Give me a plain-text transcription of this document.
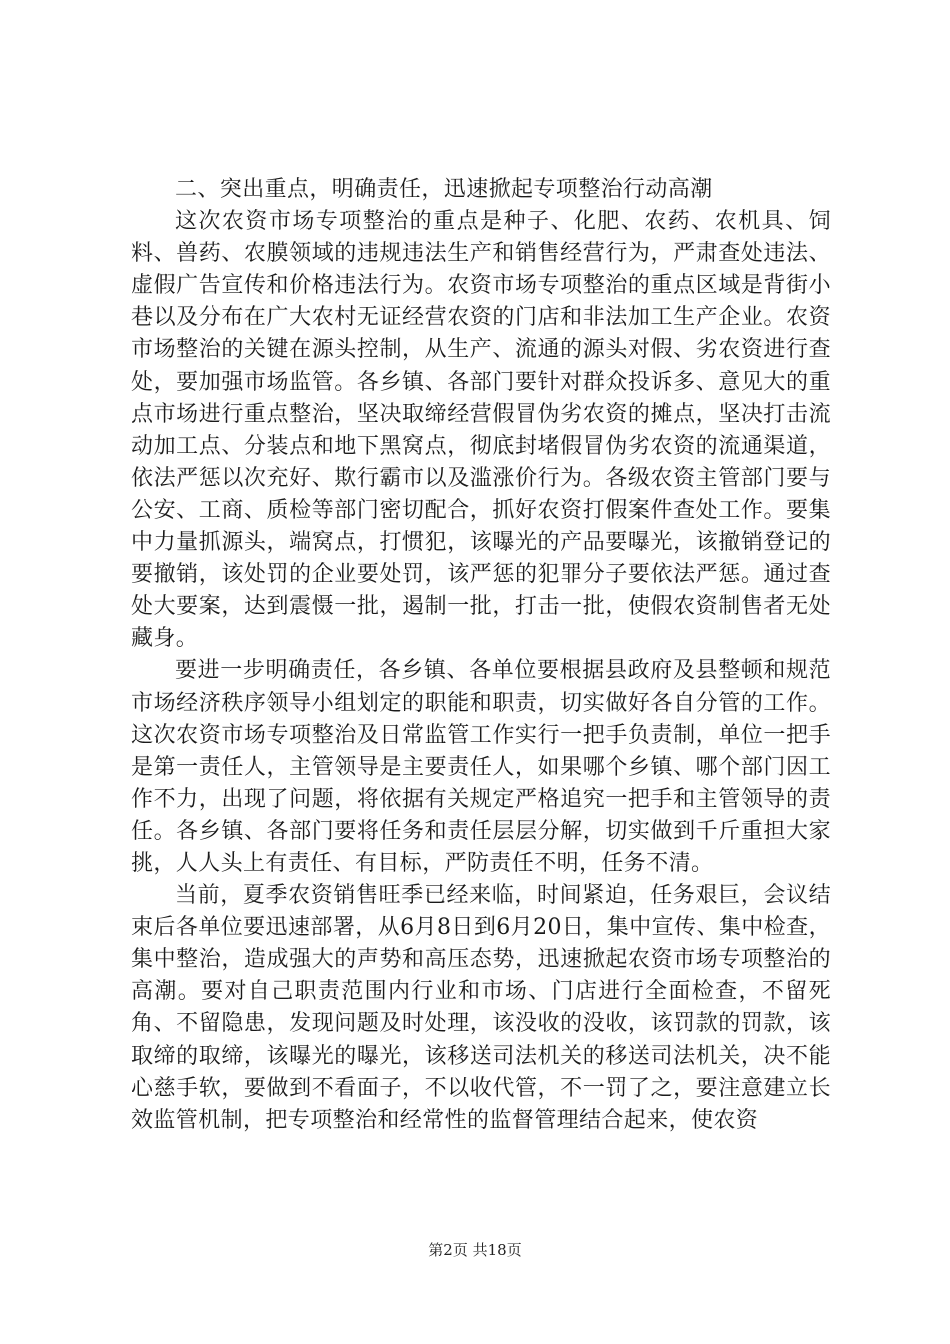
二、突出重点，明确责任，迅速掀起专项整治行动高潮

这次农资市场专项整治的重点是种子、化肥、农药、农机具、饲料、兽药、农膜领域的违规违法生产和销售经营行为，严肃查处违法、虚假广告宣传和价格违法行为。农资市场专项整治的重点区域是背街小巷以及分布在广大农村无证经营农资的门店和非法加工生产企业。农资市场整治的关键在源头控制，从生产、流通的源头对假、劣农资进行查处，要加强市场监管。各乡镇、各部门要针对群众投诉多、意见大的重点市场进行重点整治，坚决取缔经营假冒伪劣农资的摊点，坚决打击流动加工点、分装点和地下黑窝点，彻底封堵假冒伪劣农资的流通渠道，依法严惩以次充好、欺行霸市以及滥涨价行为。各级农资主管部门要与公安、工商、质检等部门密切配合，抓好农资打假案件查处工作。要集中力量抓源头，端窝点，打惯犯，该曝光的产品要曝光，该撤销登记的要撤销，该处罚的企业要处罚，该严惩的犯罪分子要依法严惩。通过查处大要案，达到震慑一批，遏制一批，打击一批，使假农资制售者无处藏身。

要进一步明确责任，各乡镇、各单位要根据县政府及县整顿和规范市场经济秩序领导小组划定的职能和职责，切实做好各自分管的工作。这次农资市场专项整治及日常监管工作实行一把手负责制，单位一把手是第一责任人，主管领导是主要责任人，如果哪个乡镇、哪个部门因工作不力，出现了问题，将依据有关规定严格追究一把手和主管领导的责任。各乡镇、各部门要将任务和责任层层分解，切实做到千斤重担大家挑，人人头上有责任、有目标，严防责任不明，任务不清。

当前，夏季农资销售旺季已经来临，时间紧迫，任务艰巨，会议结束后各单位要迅速部署，从6月8日到6月20日，集中宣传、集中检查，集中整治，造成强大的声势和高压态势，迅速掀起农资市场专项整治的高潮。要对自己职责范围内行业和市场、门店进行全面检查，不留死角、不留隐患，发现问题及时处理，该没收的没收，该罚款的罚款，该取缔的取缔，该曝光的曝光，该移送司法机关的移送司法机关，决不能心慈手软，要做到不看面子，不以收代管，不一罚了之，要注意建立长效监管机制，把专项整治和经常性的监督管理结合起来，使农资

第2页 共18页
